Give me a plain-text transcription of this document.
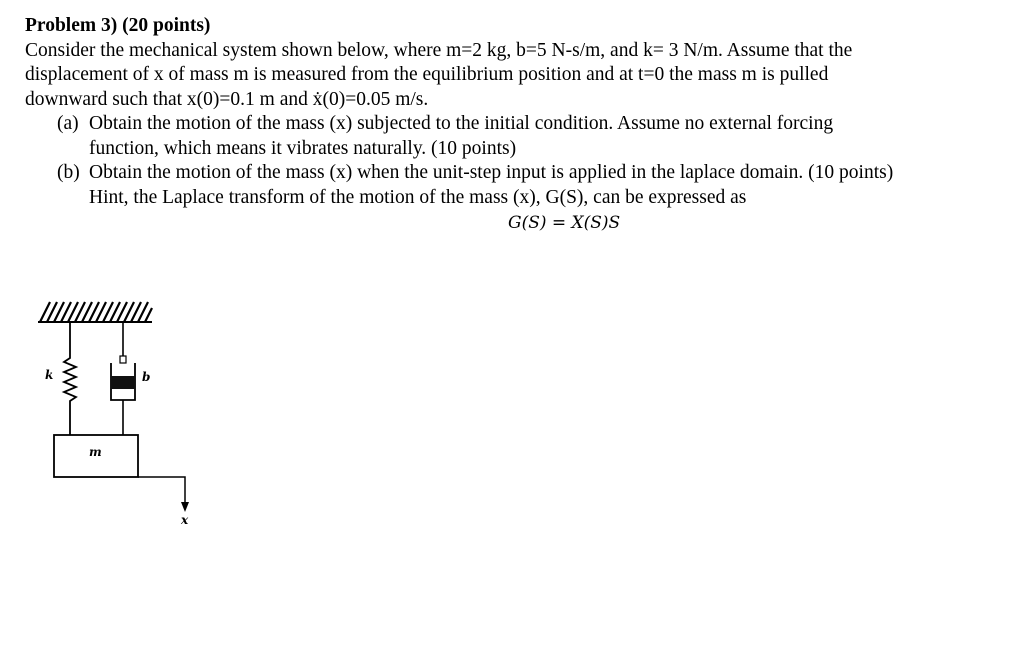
Problem 3) (20 points)

Consider the mechanical system shown below, where m=2 kg, b=5 N-s/m, and k= 3 N/m. Assume that the

displacement of x of mass m is measured from the equilibrium position and at t=0 the mass m is pulled

downward such that x(0)=0.1 m and ẋ(0)=0.05 m/s.

(a) Obtain the motion of the mass (x) subjected to the initial condition. Assume no external forcing
function, which means it vibrates naturally. (10 points)
(b) Obtain the motion of the mass (x) when the unit-step input is applied in the laplace domain. (10 points)
Hint, the Laplace transform of the motion of the mass (x), G(S), can be expressed as

G(S) = X(S)S

k	b
m
x
